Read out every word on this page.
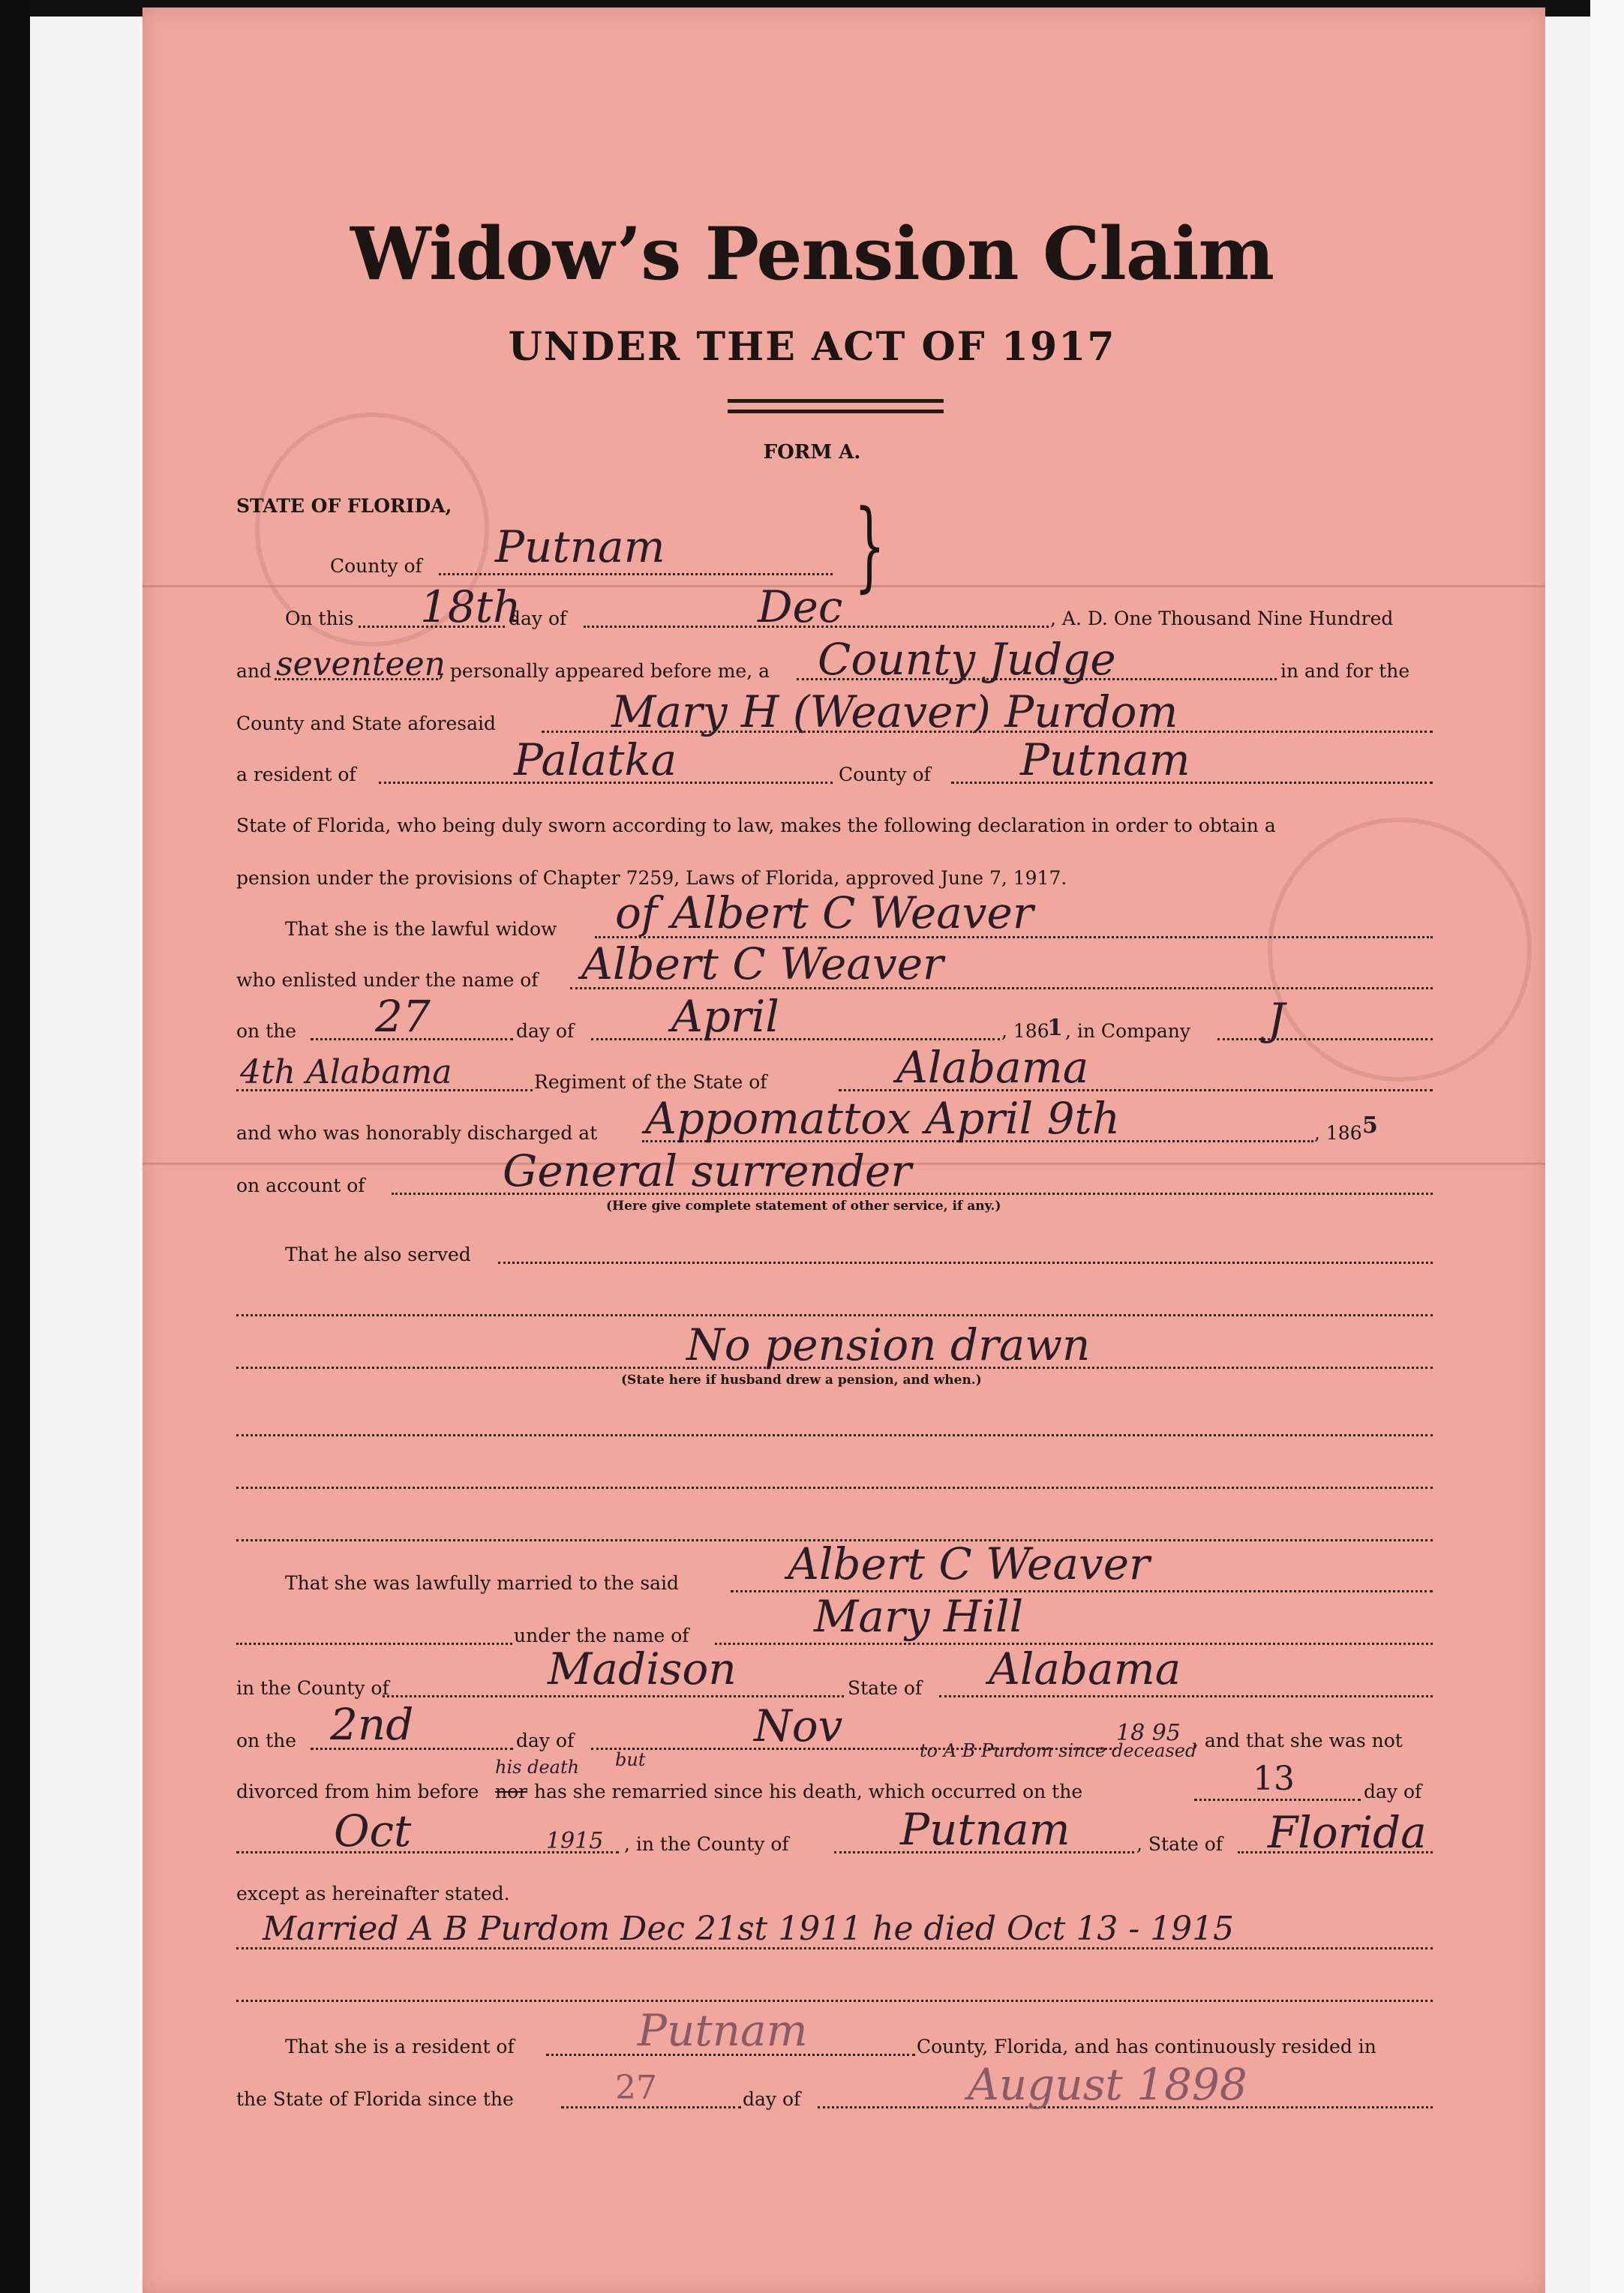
Widow’s Pension Claim
UNDER THE ACT OF 1917
FORM A.
STATE OF FLORIDA,
County of Putnam }
On this 18th
day of	Dec	, A. D. One Thousand Nine Hundred
and seventeen
, personally appeared before me, a County Judge	in and for the
County and State aforesaid	Mary H (Weaver) Purdom
a resident of	Palatka	County of Putnam
State of Florida, who being duly sworn according to law, makes the following declaration in order to obtain a
pension under the provisions of Chapter 7259, Laws of Florida, approved June 7, 1917.
That she is the lawful widow of Albert C Weaver
who enlisted under the name of Albert C Weaver
on the 27	day of April	, 186
1 , in Company J
4th Alabama	Regiment of the State of	Alabama
and who was honorably discharged at Appomattox April 9th	, 186 5
on account of	General surrender
(Here give complete statement of other service, if any.)
That he also served
No pension drawn
(State here if husband drew a pension, and when.)
That she was lawfully married to the said Albert C Weaver
under the name of	Mary Hill
in the County of	Madison	State of Alabama
on the 2nd	day of	Nov	18 95 , and that she was not
his death but	to A B Purdom since deceased
divorced from him before nor has she remarried since his death, which occurred on the	13	day of
Oct	1915 , in the County of	Putnam	, State of Florida
except as hereinafter stated.
Married A B Purdom Dec 21st 1911 he died Oct 13 - 1915
That she is a resident of	Putnam	County, Florida, and has continuously resided in
the State of Florida since the	27	day of	August 1898
